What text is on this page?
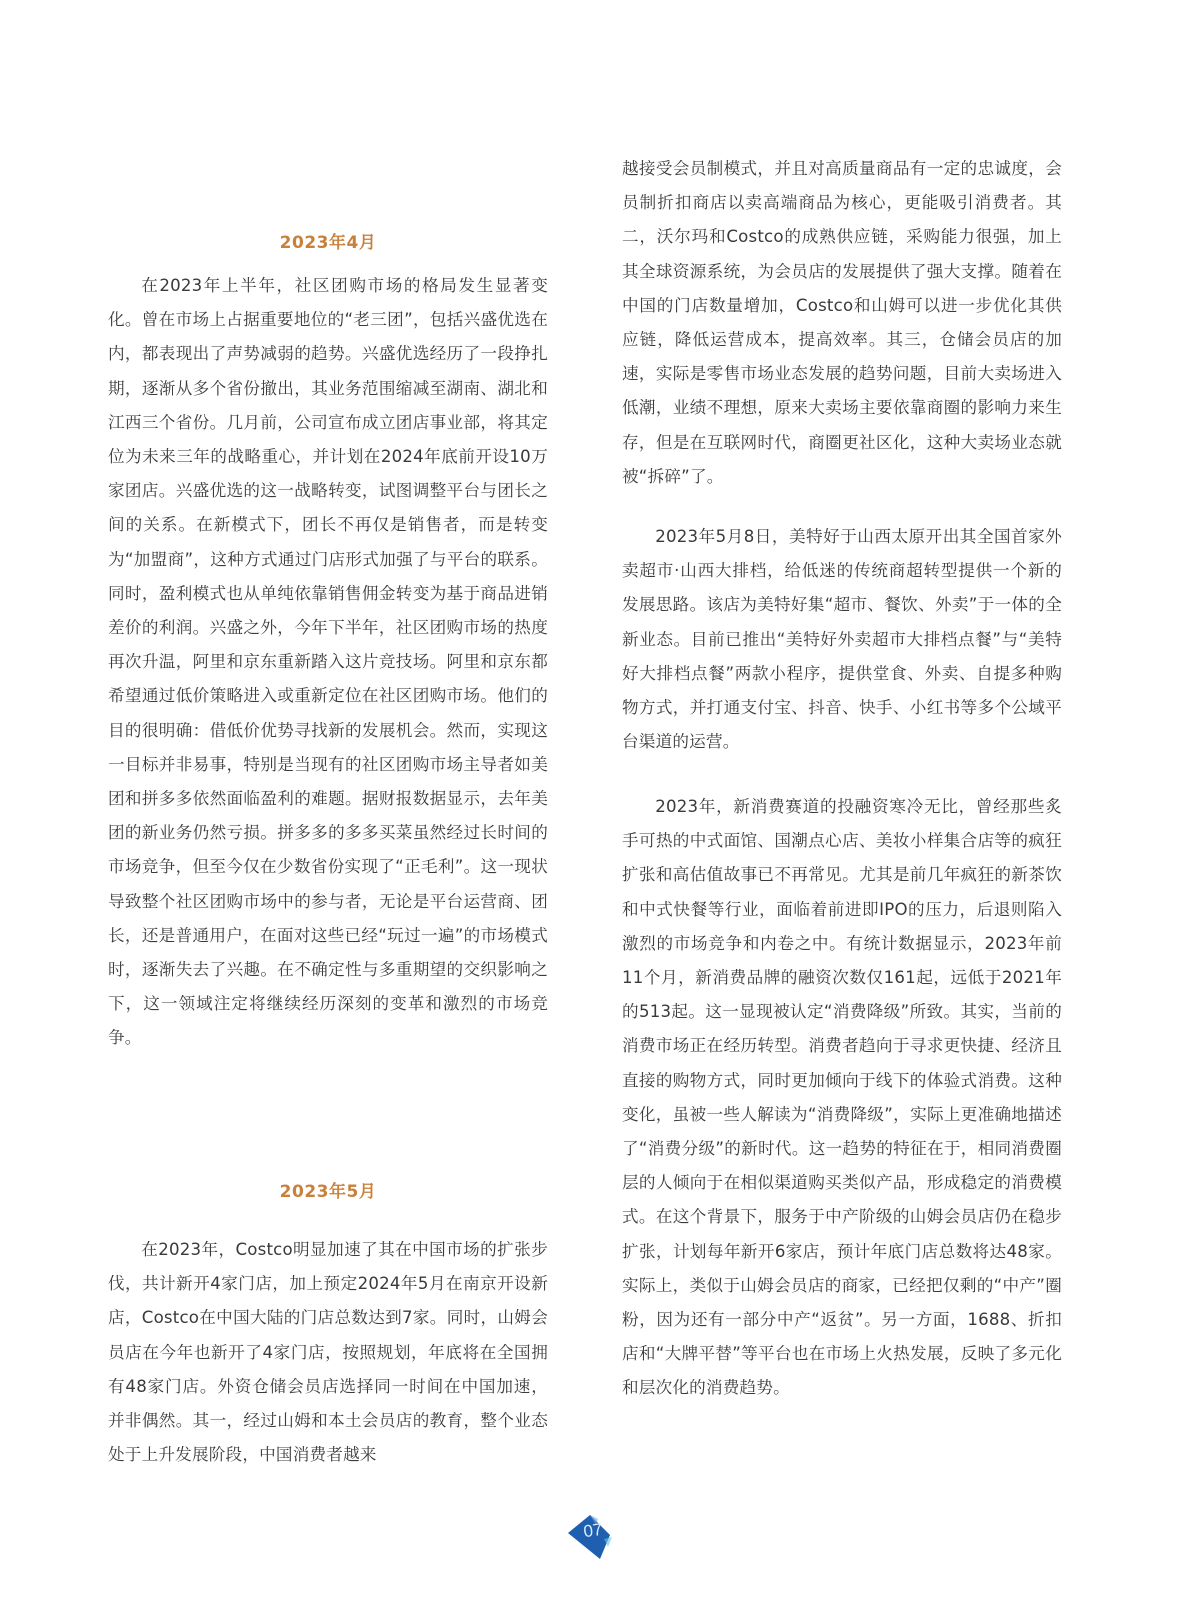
2023年4月

在2023年上半年，社区团购市场的格局发生显著变化。曾在市场上占据重要地位的“老三团”，包括兴盛优选在内，都表现出了声势减弱的趋势。兴盛优选经历了一段挣扎期，逐渐从多个省份撤出，其业务范围缩减至湖南、湖北和江西三个省份。几月前，公司宣布成立团店事业部，将其定位为未来三年的战略重心，并计划在2024年底前开设10万家团店。兴盛优选的这一战略转变，试图调整平台与团长之间的关系。在新模式下，团长不再仅是销售者，而是转变为“加盟商”，这种方式通过门店形式加强了与平台的联系。同时，盈利模式也从单纯依靠销售佣金转变为基于商品进销差价的利润。兴盛之外，今年下半年，社区团购市场的热度再次升温，阿里和京东重新踏入这片竞技场。阿里和京东都希望通过低价策略进入或重新定位在社区团购市场。他们的目的很明确：借低价优势寻找新的发展机会。然而，实现这一目标并非易事，特别是当现有的社区团购市场主导者如美团和拼多多依然面临盈利的难题。据财报数据显示，去年美团的新业务仍然亏损。拼多多的多多买菜虽然经过长时间的市场竞争，但至今仅在少数省份实现了“正毛利”。这一现状导致整个社区团购市场中的参与者，无论是平台运营商、团长，还是普通用户，在面对这些已经“玩过一遍”的市场模式时，逐渐失去了兴趣。在不确定性与多重期望的交织影响之下，这一领域注定将继续经历深刻的变革和激烈的市场竞争。

2023年5月

在2023年，Costco明显加速了其在中国市场的扩张步伐，共计新开4家门店，加上预定2024年5月在南京开设新店，Costco在中国大陆的门店总数达到7家。同时，山姆会员店在今年也新开了4家门店，按照规划，年底将在全国拥有48家门店。外资仓储会员店选择同一时间在中国加速，并非偶然。其一，经过山姆和本土会员店的教育，整个业态处于上升发展阶段，中国消费者越来

越接受会员制模式，并且对高质量商品有一定的忠诚度，会员制折扣商店以卖高端商品为核心，更能吸引消费者。其二，沃尔玛和Costco的成熟供应链，采购能力很强，加上其全球资源系统，为会员店的发展提供了强大支撑。随着在中国的门店数量增加，Costco和山姆可以进一步优化其供应链，降低运营成本，提高效率。其三，仓储会员店的加速，实际是零售市场业态发展的趋势问题，目前大卖场进入低潮，业绩不理想，原来大卖场主要依靠商圈的影响力来生存，但是在互联网时代，商圈更社区化，这种大卖场业态就被“拆碎”了。

2023年5月8日，美特好于山西太原开出其全国首家外卖超市·山西大排档，给低迷的传统商超转型提供一个新的发展思路。该店为美特好集“超市、餐饮、外卖”于一体的全新业态。目前已推出“美特好外卖超市大排档点餐”与“美特好大排档点餐”两款小程序，提供堂食、外卖、自提多种购物方式，并打通支付宝、抖音、快手、小红书等多个公域平台渠道的运营。

2023年，新消费赛道的投融资寒冷无比，曾经那些炙手可热的中式面馆、国潮点心店、美妆小样集合店等的疯狂扩张和高估值故事已不再常见。尤其是前几年疯狂的新茶饮和中式快餐等行业，面临着前进即IPO的压力，后退则陷入激烈的市场竞争和内卷之中。有统计数据显示，2023年前11个月，新消费品牌的融资次数仅161起，远低于2021年的513起。这一显现被认定“消费降级”所致。其实，当前的消费市场正在经历转型。消费者趋向于寻求更快捷、经济且直接的购物方式，同时更加倾向于线下的体验式消费。这种变化，虽被一些人解读为“消费降级”，实际上更准确地描述了“消费分级”的新时代。这一趋势的特征在于，相同消费圈层的人倾向于在相似渠道购买类似产品，形成稳定的消费模式。在这个背景下，服务于中产阶级的山姆会员店仍在稳步扩张，计划每年新开6家店，预计年底门店总数将达48家。实际上，类似于山姆会员店的商家，已经把仅剩的“中产”圈粉，因为还有一部分中产“返贫”。另一方面，1688、折扣店和“大牌平替”等平台也在市场上火热发展，反映了多元化和层次化的消费趋势。

07
